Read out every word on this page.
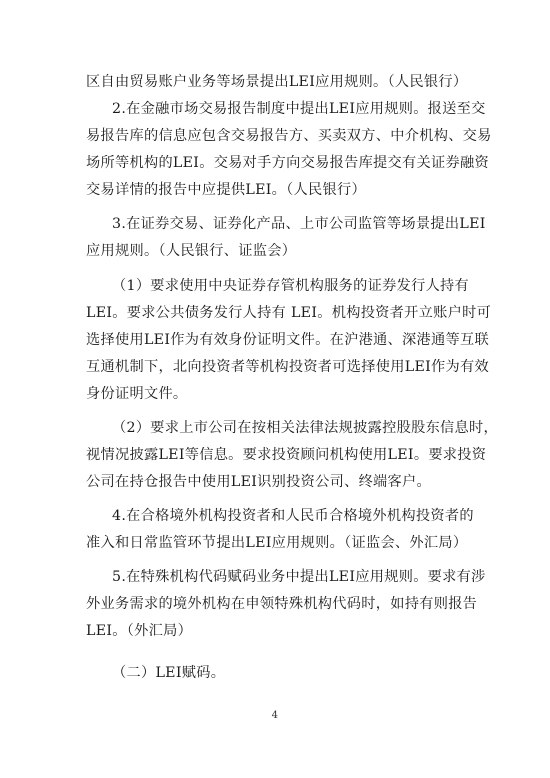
区自由贸易账户业务等场景提出LEI应用规则。（人民银行）
2.在金融市场交易报告制度中提出LEI应用规则。报送至交
易报告库的信息应包含交易报告方、买卖双方、中介机构、交易
场所等机构的LEI。交易对手方向交易报告库提交有关证券融资
交易详情的报告中应提供LEI。（人民银行）
3.在证券交易、证券化产品、上市公司监管等场景提出LEI
应用规则。（人民银行、证监会）
（1）要求使用中央证券存管机构服务的证券发行人持有
LEI。要求公共债务发行人持有 LEI。机构投资者开立账户时可
选择使用LEI作为有效身份证明文件。在沪港通、深港通等互联
互通机制下，北向投资者等机构投资者可选择使用LEI作为有效
身份证明文件。
（2）要求上市公司在按相关法律法规披露控股股东信息时，
视情况披露LEI等信息。要求投资顾问机构使用LEI。要求投资
公司在持仓报告中使用LEI识别投资公司、终端客户。
4.在合格境外机构投资者和人民币合格境外机构投资者的
准入和日常监管环节提出LEI应用规则。（证监会、外汇局）
5.在特殊机构代码赋码业务中提出LEI应用规则。要求有涉
外业务需求的境外机构在申领特殊机构代码时，如持有则报告
LEI。（外汇局）
（二）LEI赋码。
4
